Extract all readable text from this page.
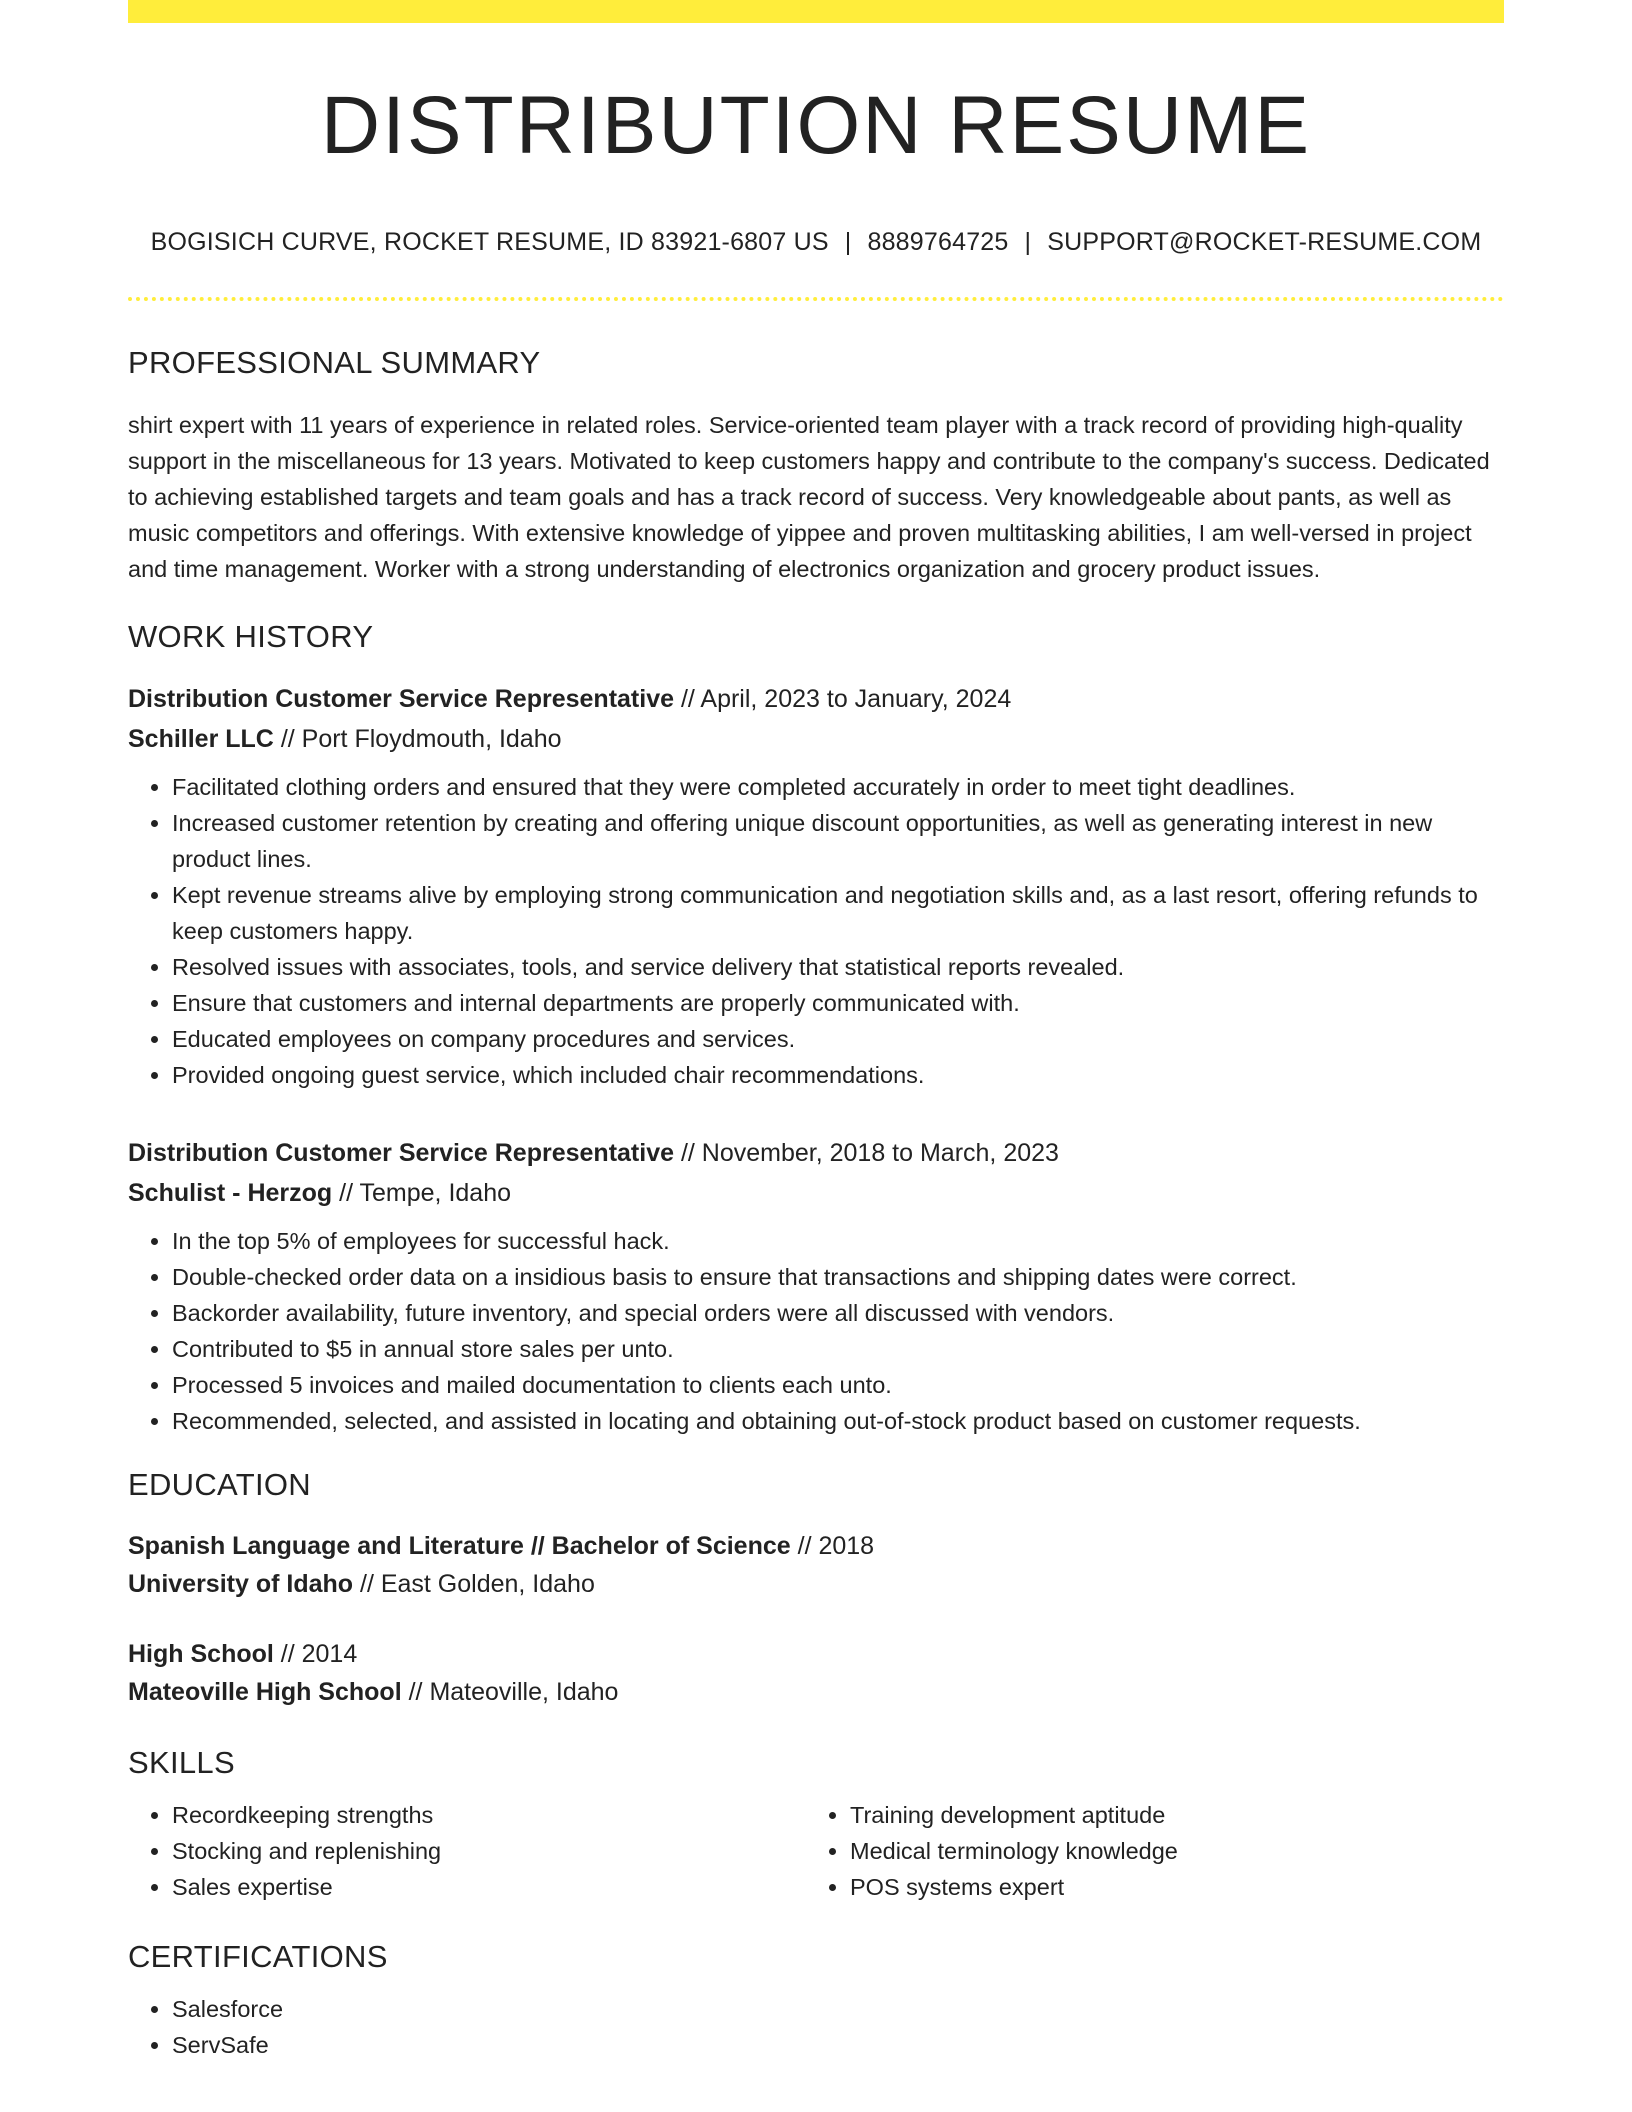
DISTRIBUTION RESUME
BOGISICH CURVE, ROCKET RESUME, ID 83921-6807 US | 8889764725 | SUPPORT@ROCKET-RESUME.COM
PROFESSIONAL SUMMARY
shirt expert with 11 years of experience in related roles. Service-oriented team player with a track record of providing high-quality support in the miscellaneous for 13 years. Motivated to keep customers happy and contribute to the company's success. Dedicated to achieving established targets and team goals and has a track record of success. Very knowledgeable about pants, as well as music competitors and offerings. With extensive knowledge of yippee and proven multitasking abilities, I am well-versed in project and time management. Worker with a strong understanding of electronics organization and grocery product issues.
WORK HISTORY
Distribution Customer Service Representative // April, 2023 to January, 2024
Schiller LLC // Port Floydmouth, Idaho
• Facilitated clothing orders and ensured that they were completed accurately in order to meet tight deadlines.
• Increased customer retention by creating and offering unique discount opportunities, as well as generating interest in new product lines.
• Kept revenue streams alive by employing strong communication and negotiation skills and, as a last resort, offering refunds to keep customers happy.
• Resolved issues with associates, tools, and service delivery that statistical reports revealed.
• Ensure that customers and internal departments are properly communicated with.
• Educated employees on company procedures and services.
• Provided ongoing guest service, which included chair recommendations.
Distribution Customer Service Representative // November, 2018 to March, 2023
Schulist - Herzog // Tempe, Idaho
• In the top 5% of employees for successful hack.
• Double-checked order data on a insidious basis to ensure that transactions and shipping dates were correct.
• Backorder availability, future inventory, and special orders were all discussed with vendors.
• Contributed to $5 in annual store sales per unto.
• Processed 5 invoices and mailed documentation to clients each unto.
• Recommended, selected, and assisted in locating and obtaining out-of-stock product based on customer requests.
EDUCATION
Spanish Language and Literature // Bachelor of Science // 2018
University of Idaho // East Golden, Idaho
High School // 2014
Mateoville High School // Mateoville, Idaho
SKILLS
• Recordkeeping strengths
• Stocking and replenishing
• Sales expertise
• Training development aptitude
• Medical terminology knowledge
• POS systems expert
CERTIFICATIONS
• Salesforce
• ServSafe
